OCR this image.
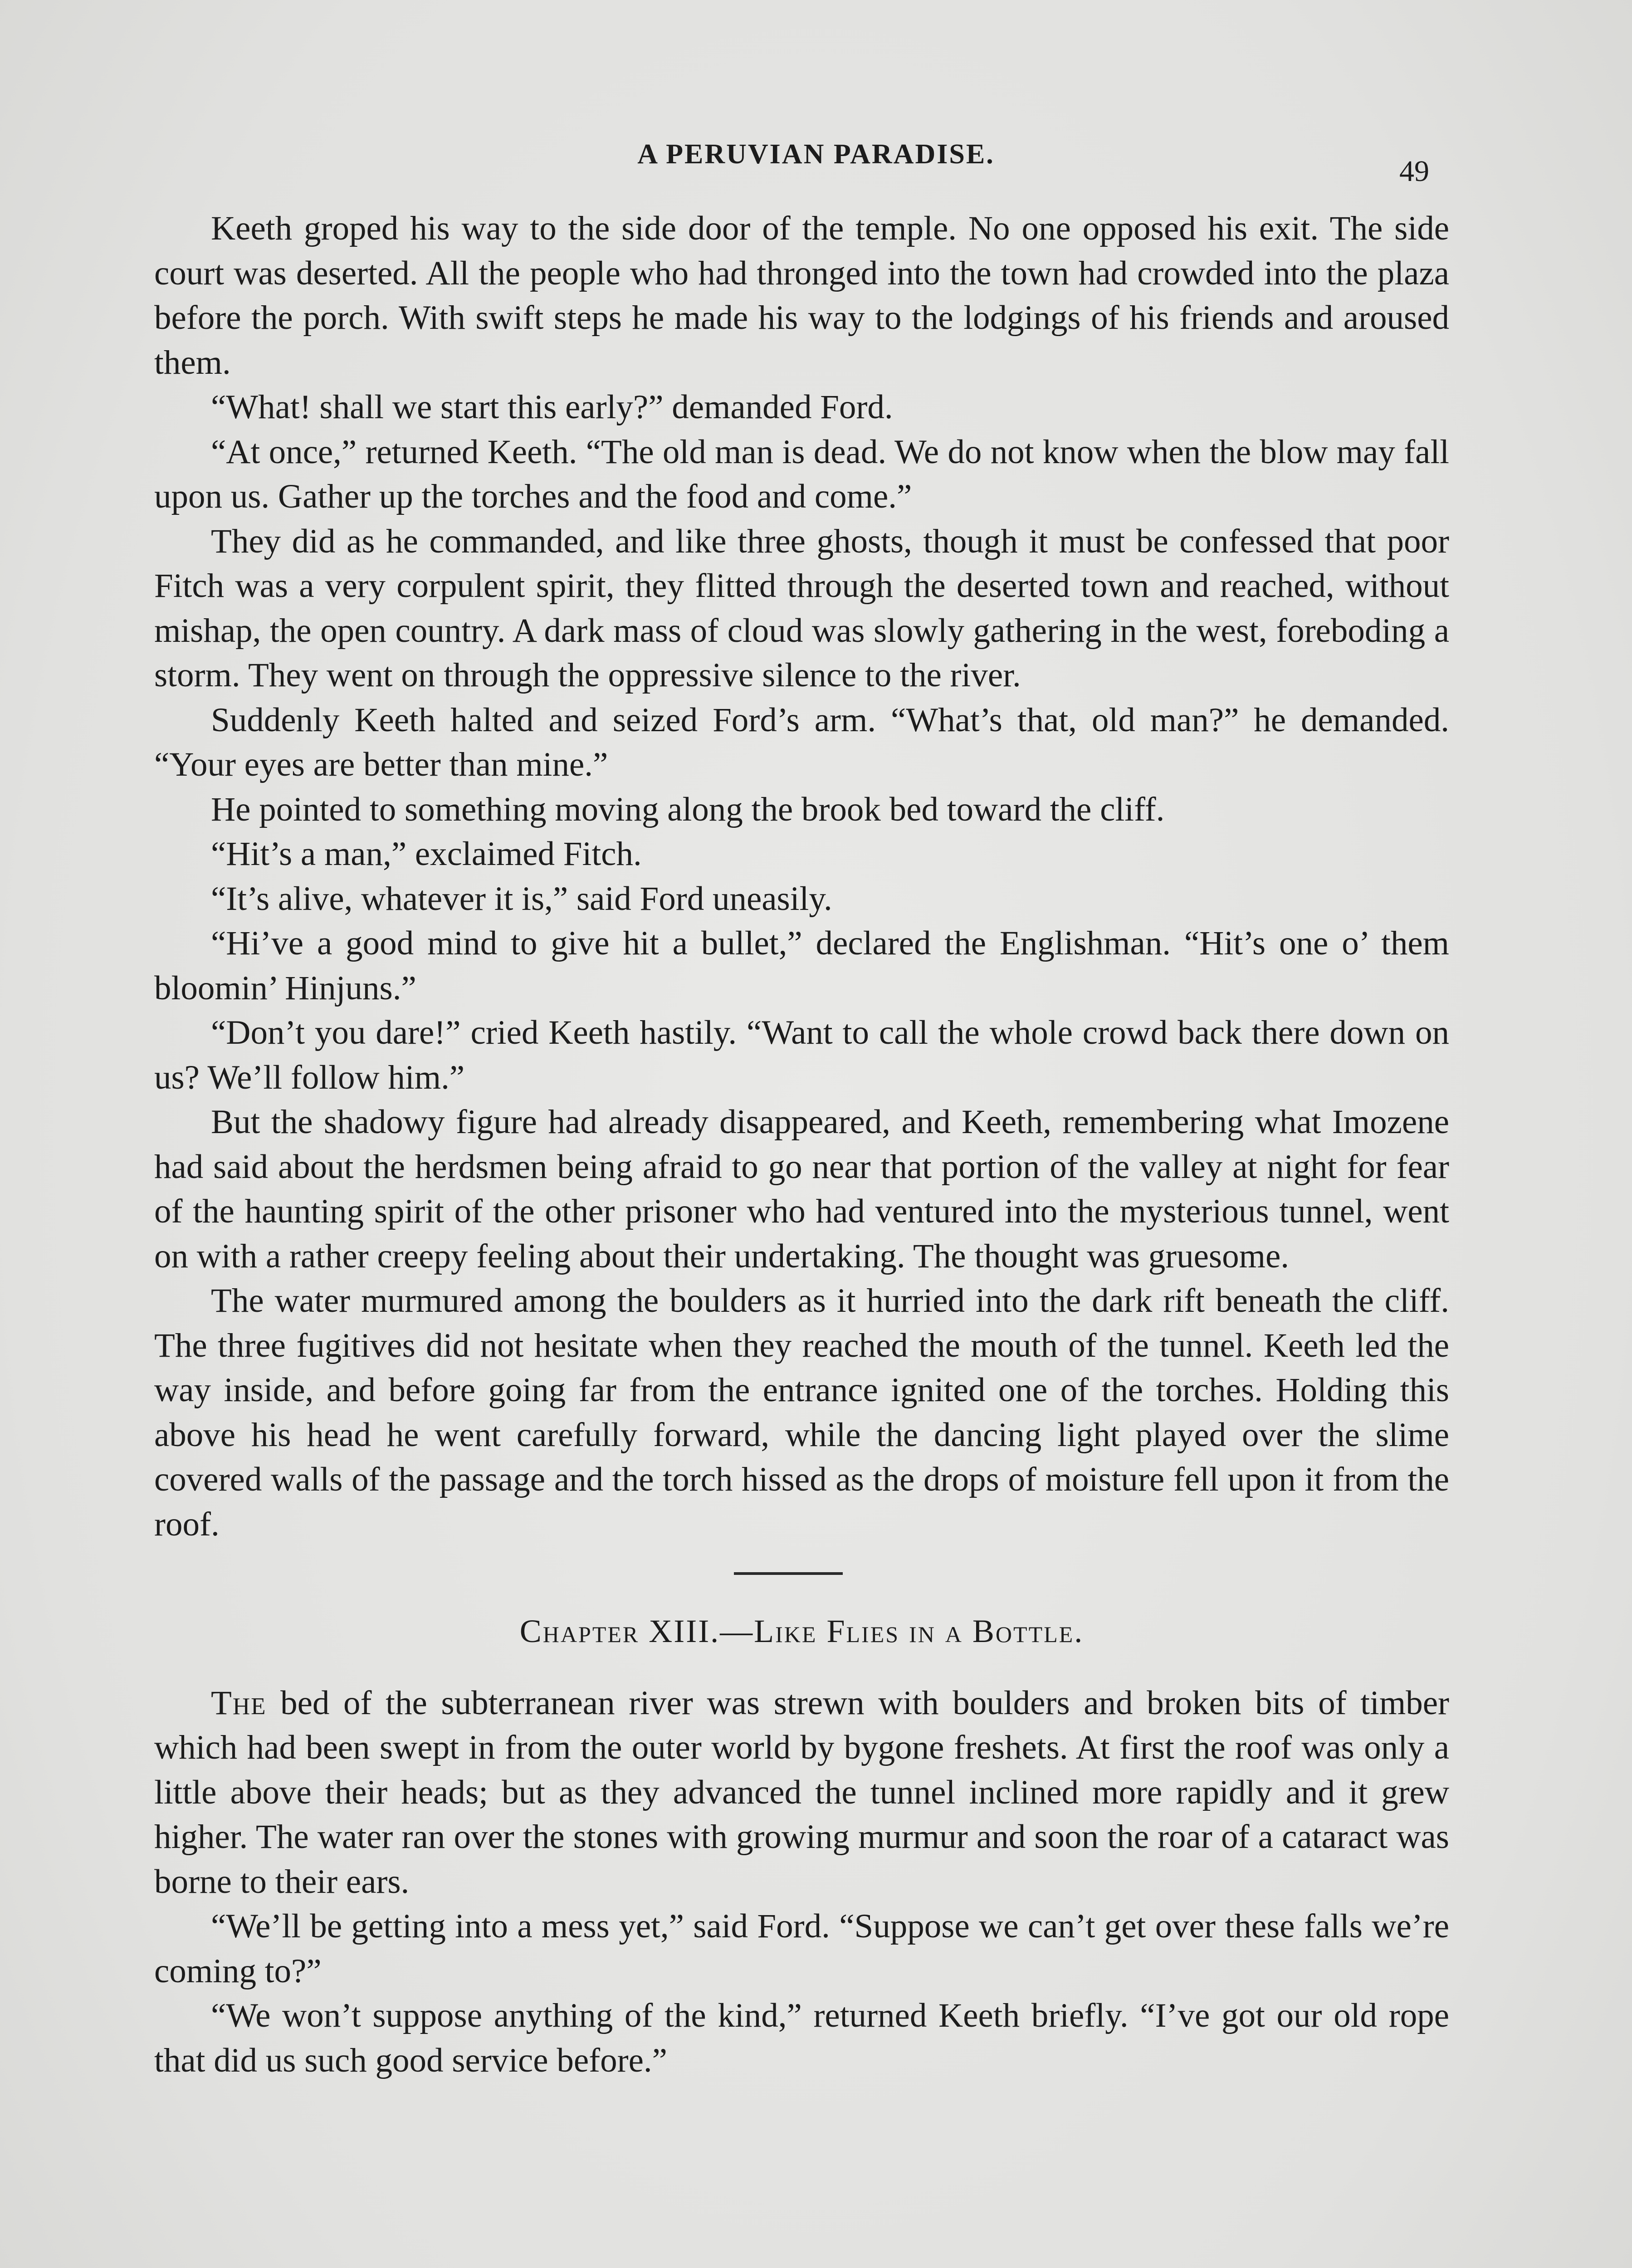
A PERUVIAN PARADISE.
49

Keeth groped his way to the side door of the temple. No one opposed his exit. The side court was deserted. All the people who had thronged into the town had crowded into the plaza before the porch. With swift steps he made his way to the lodgings of his friends and aroused them.

“What! shall we start this early?” demanded Ford.

“At once,” returned Keeth. “The old man is dead. We do not know when the blow may fall upon us. Gather up the torches and the food and come.”

They did as he commanded, and like three ghosts, though it must be confessed that poor Fitch was a very corpulent spirit, they flitted through the deserted town and reached, without mishap, the open country. A dark mass of cloud was slowly gathering in the west, foreboding a storm. They went on through the oppressive silence to the river.

Suddenly Keeth halted and seized Ford’s arm. “What’s that, old man?” he demanded. “Your eyes are better than mine.”

He pointed to something moving along the brook bed toward the cliff.

“Hit’s a man,” exclaimed Fitch.

“It’s alive, whatever it is,” said Ford uneasily.

“Hi’ve a good mind to give hit a bullet,” declared the Englishman. “Hit’s one o’ them bloomin’ Hinjuns.”

“Don’t you dare!” cried Keeth hastily. “Want to call the whole crowd back there down on us? We’ll follow him.”

But the shadowy figure had already disappeared, and Keeth, remembering what Imozene had said about the herdsmen being afraid to go near that portion of the valley at night for fear of the haunting spirit of the other prisoner who had ventured into the mysterious tunnel, went on with a rather creepy feeling about their undertaking. The thought was gruesome.

The water murmured among the boulders as it hurried into the dark rift beneath the cliff. The three fugitives did not hesitate when they reached the mouth of the tunnel. Keeth led the way inside, and before going far from the entrance ignited one of the torches. Holding this above his head he went carefully forward, while the dancing light played over the slime covered walls of the passage and the torch hissed as the drops of moisture fell upon it from the roof.

Chapter XIII.—Like Flies in a Bottle.

The bed of the subterranean river was strewn with boulders and broken bits of timber which had been swept in from the outer world by bygone freshets. At first the roof was only a little above their heads; but as they advanced the tunnel inclined more rapidly and it grew higher. The water ran over the stones with growing murmur and soon the roar of a cataract was borne to their ears.

“We’ll be getting into a mess yet,” said Ford. “Suppose we can’t get over these falls we’re coming to?”

“We won’t suppose anything of the kind,” returned Keeth briefly. “I’ve got our old rope that did us such good service before.”
